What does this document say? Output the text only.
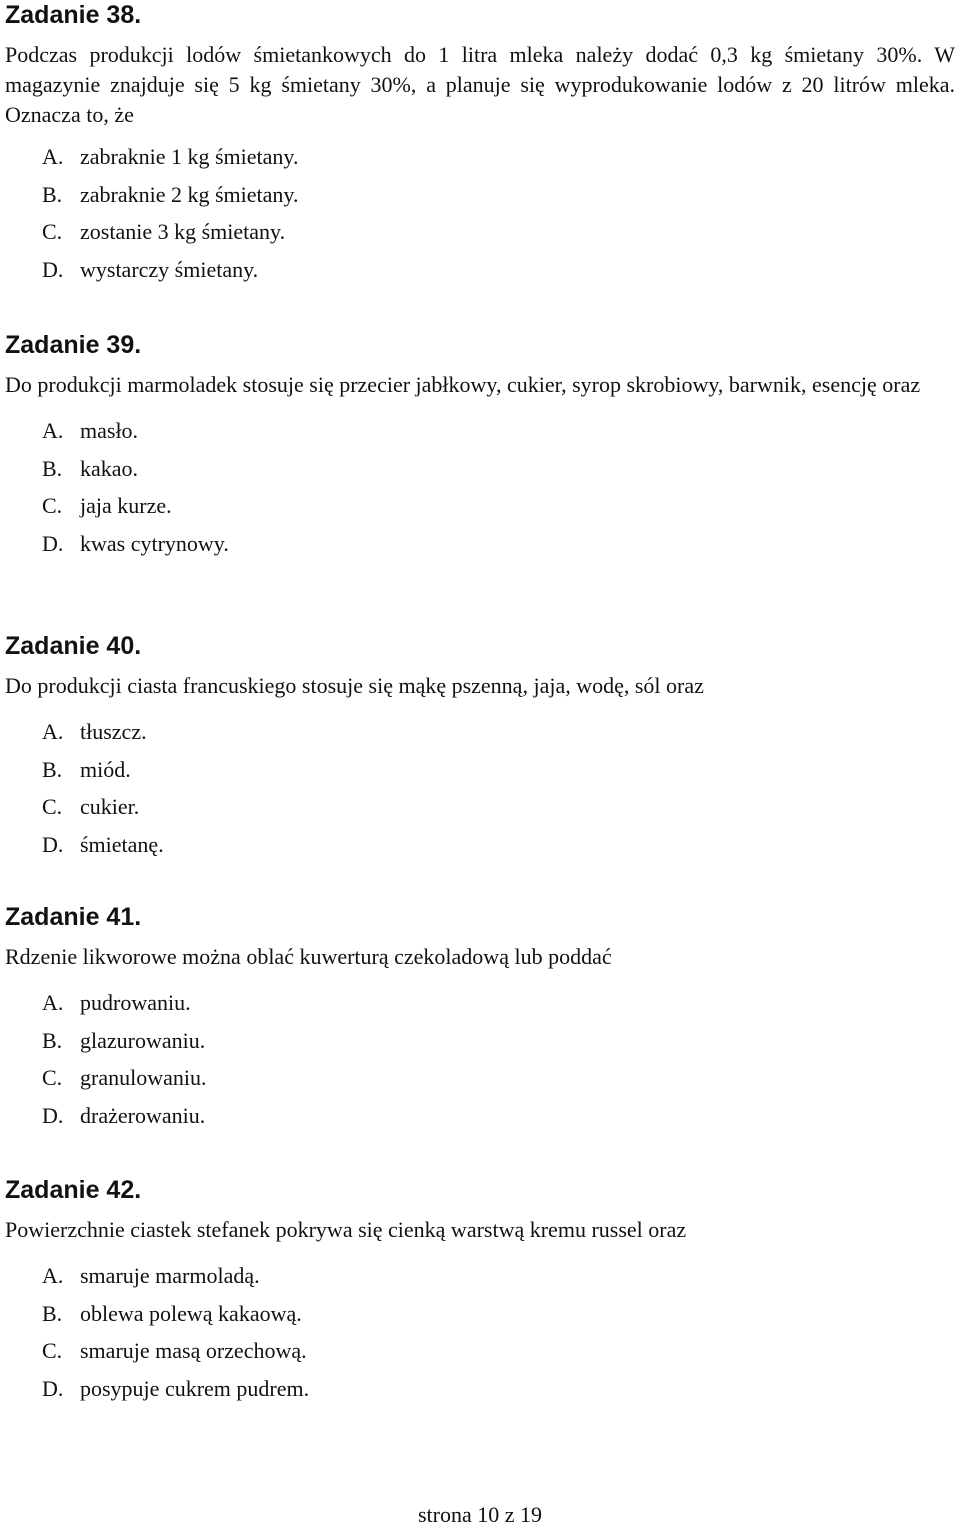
Zadanie 38.

Podczas produkcji lodów śmietankowych do 1 litra mleka należy dodać 0,3 kg śmietany 30%. W magazynie znajduje się 5 kg śmietany 30%, a planuje się wyprodukowanie lodów z 20 litrów mleka. Oznacza to, że

A. zabraknie 1 kg śmietany.
B. zabraknie 2 kg śmietany.
C. zostanie 3 kg śmietany.
D. wystarczy śmietany.
Zadanie 39.

Do produkcji marmoladek stosuje się przecier jabłkowy, cukier, syrop skrobiowy, barwnik, esencję oraz

A. masło.
B. kakao.
C. jaja kurze.
D. kwas cytrynowy.
Zadanie 40.

Do produkcji ciasta francuskiego stosuje się mąkę pszenną, jaja, wodę, sól oraz

A. tłuszcz.
B. miód.
C. cukier.
D. śmietanę.
Zadanie 41.

Rdzenie likworowe można oblać kuwerturą czekoladową lub poddać

A. pudrowaniu.
B. glazurowaniu.
C. granulowaniu.
D. drażerowaniu.
Zadanie 42.

Powierzchnie ciastek stefanek pokrywa się cienką warstwą kremu russel oraz

A. smaruje marmoladą.
B. oblewa polewą kakaową.
C. smaruje masą orzechową.
D. posypuje cukrem pudrem.
strona 10 z 19
